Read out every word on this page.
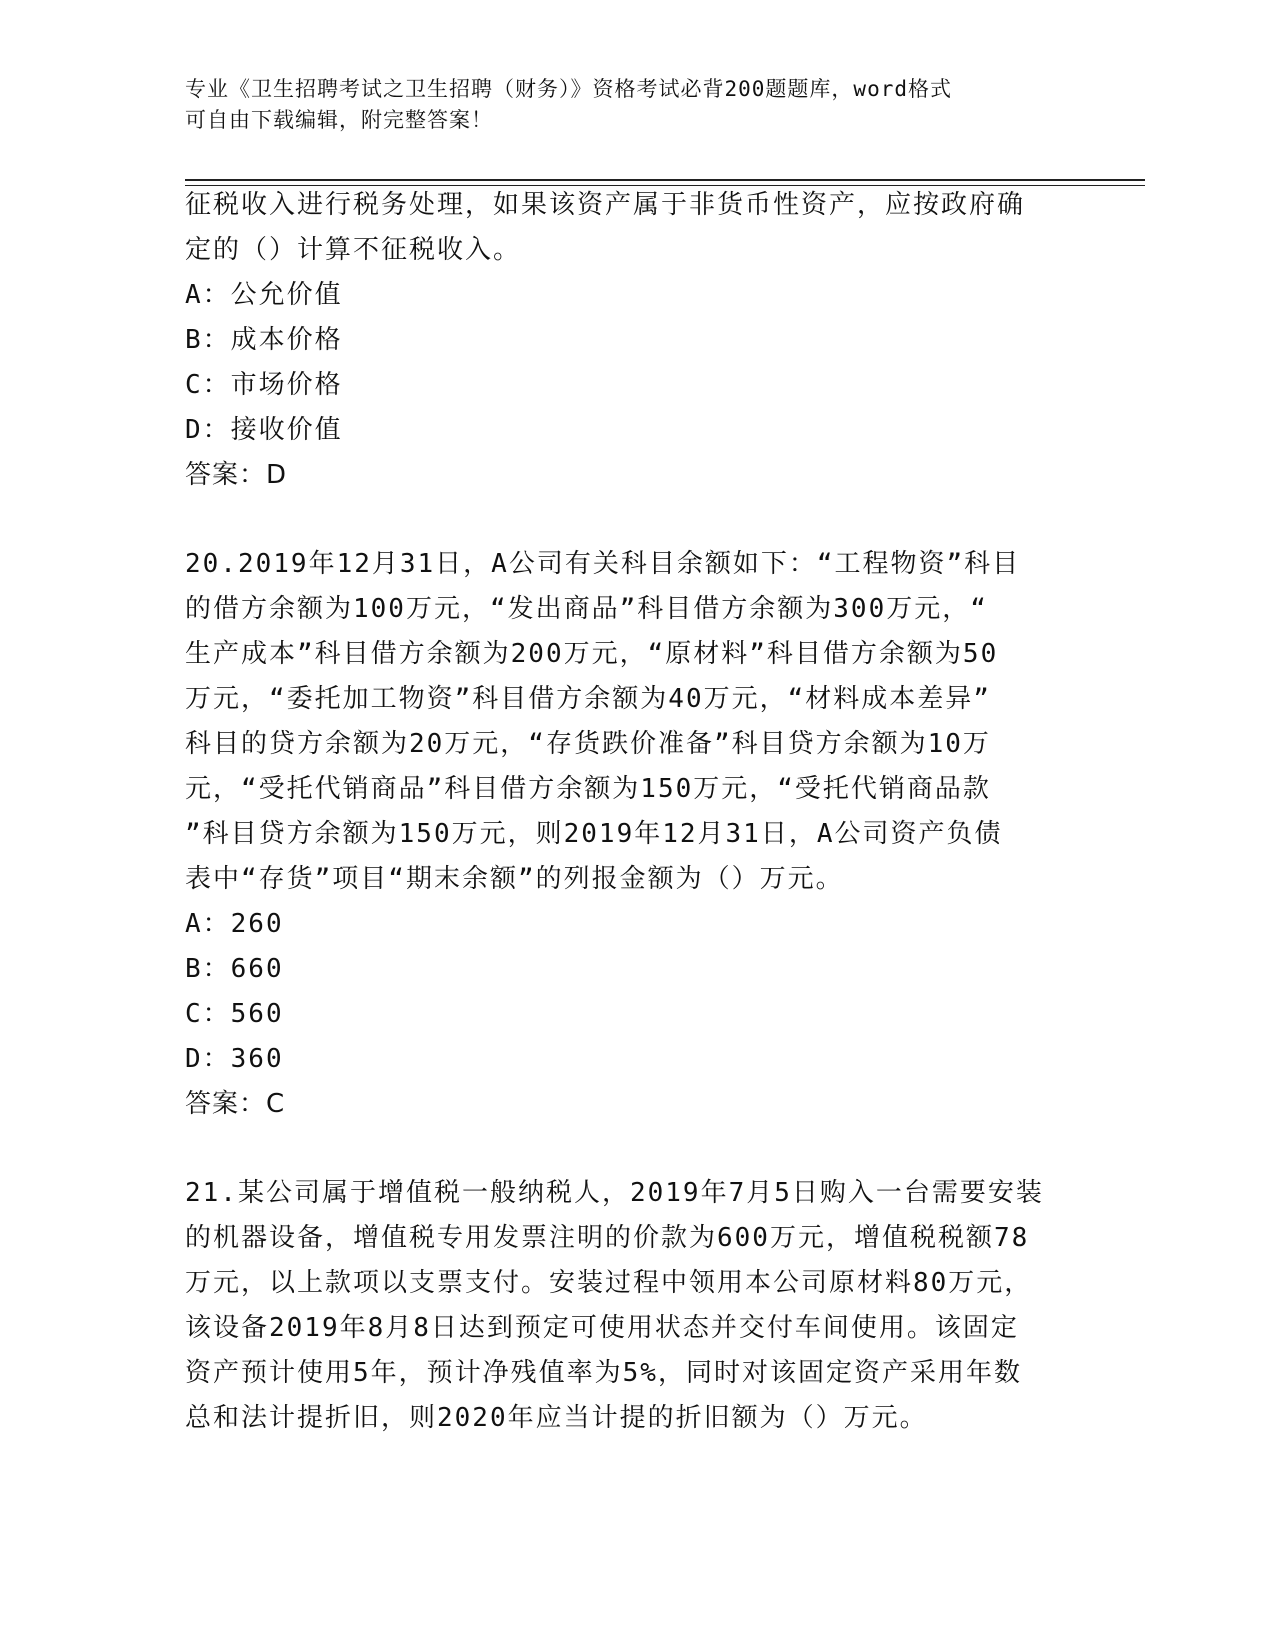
专业《卫生招聘考试之卫生招聘（财务）》资格考试必背200题题库，word格式
可自由下载编辑，附完整答案！
征税收入进行税务处理，如果该资产属于非货币性资产，应按政府确
定的（）计算不征税收入。
A：公允价值
B：成本价格
C：市场价格
D：接收价值
答案：D
20.2019年12月31日，A公司有关科目余额如下：“工程物资”科目
的借方余额为100万元，“发出商品”科目借方余额为300万元，“
生产成本”科目借方余额为200万元，“原材料”科目借方余额为50
万元，“委托加工物资”科目借方余额为40万元，“材料成本差异”
科目的贷方余额为20万元，“存货跌价准备”科目贷方余额为10万
元，“受托代销商品”科目借方余额为150万元，“受托代销商品款
”科目贷方余额为150万元，则2019年12月31日，A公司资产负债
表中“存货”项目“期末余额”的列报金额为（）万元。
A：260
B：660
C：560
D：360
答案：C
21.某公司属于增值税一般纳税人，2019年7月5日购入一台需要安装
的机器设备，增值税专用发票注明的价款为600万元，增值税税额78
万元，以上款项以支票支付。安装过程中领用本公司原材料80万元，
该设备2019年8月8日达到预定可使用状态并交付车间使用。该固定
资产预计使用5年，预计净残值率为5%，同时对该固定资产采用年数
总和法计提折旧，则2020年应当计提的折旧额为（）万元。
